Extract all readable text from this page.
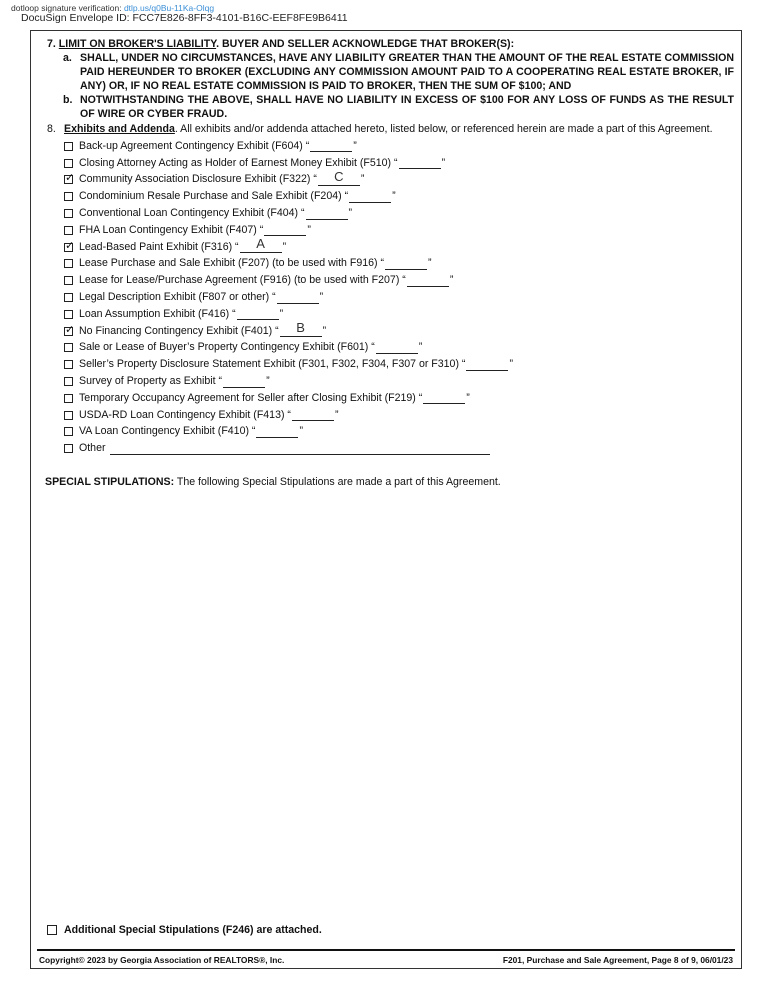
dotloop signature verification: dtlp.us/q0Bu-11Ka-Olqg
DocuSign Envelope ID: FCC7E826-8FF3-4101-B16C-EEF8FE9B6411
7. LIMIT ON BROKER'S LIABILITY. BUYER AND SELLER ACKNOWLEDGE THAT BROKER(S):
a. SHALL, UNDER NO CIRCUMSTANCES, HAVE ANY LIABILITY GREATER THAN THE AMOUNT OF THE REAL ESTATE COMMISSION PAID HEREUNDER TO BROKER (EXCLUDING ANY COMMISSION AMOUNT PAID TO A COOPERATING REAL ESTATE BROKER, IF ANY) OR, IF NO REAL ESTATE COMMISSION IS PAID TO BROKER, THEN THE SUM OF $100; AND
b. NOTWITHSTANDING THE ABOVE, SHALL HAVE NO LIABILITY IN EXCESS OF $100 FOR ANY LOSS OF FUNDS AS THE RESULT OF WIRE OR CYBER FRAUD.
8. Exhibits and Addenda. All exhibits and/or addenda attached hereto, listed below, or referenced herein are made a part of this Agreement.
Back-up Agreement Contingency Exhibit (F604) “	”
Closing Attorney Acting as Holder of Earnest Money Exhibit (F510) “	”
✓
Community Association Disclosure Exhibit (F322) “	C	”
Condominium Resale Purchase and Sale Exhibit (F204) “	”
Conventional Loan Contingency Exhibit (F404) “	”
FHA Loan Contingency Exhibit (F407) “	”
✓
Lead-Based Paint Exhibit (F316) “	A	”
Lease Purchase and Sale Exhibit (F207) (to be used with F916) “	”
Lease for Lease/Purchase Agreement (F916) (to be used with F207) “	”
Legal Description Exhibit (F807 or other) “	”
Loan Assumption Exhibit (F416) “	”
✓
No Financing Contingency Exhibit (F401) “	B	”
Sale or Lease of Buyer’s Property Contingency Exhibit (F601) “	”
Seller’s Property Disclosure Statement Exhibit (F301, F302, F304, F307 or F310) “	”
Survey of Property as Exhibit “	”
Temporary Occupancy Agreement for Seller after Closing Exhibit (F219) “	”
USDA-RD Loan Contingency Exhibit (F413) “	”
VA Loan Contingency Exhibit (F410) “	”
Other
SPECIAL STIPULATIONS: The following Special Stipulations are made a part of this Agreement.
Additional Special Stipulations (F246) are attached.
Copyright© 2023 by Georgia Association of REALTORS®, Inc.	F201, Purchase and Sale Agreement, Page 8 of 9, 06/01/23
